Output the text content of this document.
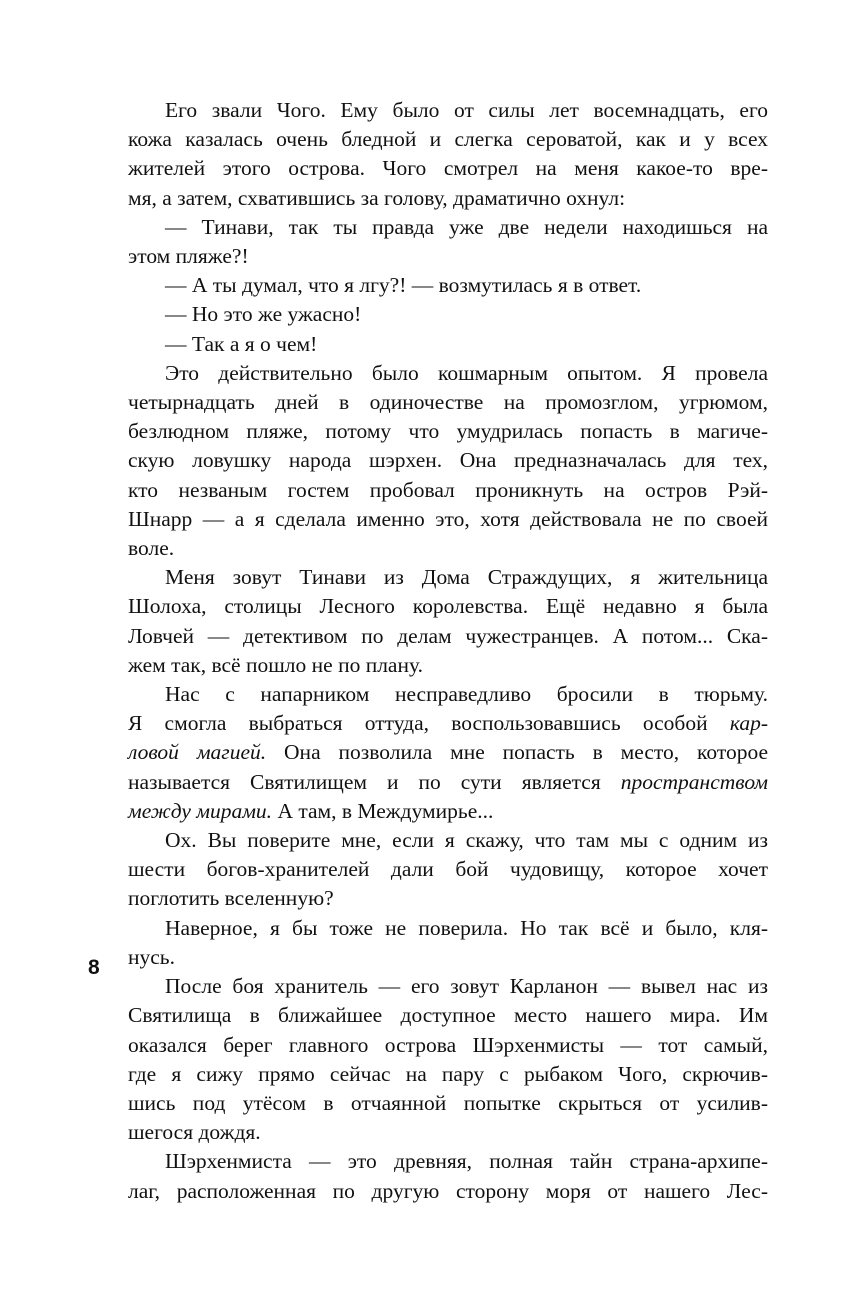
Его звали Чого. Ему было от силы лет восемнадцать, его
кожа казалась очень бледной и слегка сероватой, как и у всех
жителей этого острова. Чого смотрел на меня какое-то вре-
мя, а затем, схватившись за голову, драматично охнул:

— Тинави, так ты правда уже две недели находишься на
этом пляже?!

— А ты думал, что я лгу?! — возмутилась я в ответ.

— Но это же ужасно!

— Так а я о чем!

Это действительно было кошмарным опытом. Я провела
четырнадцать дней в одиночестве на промозглом, угрюмом,
безлюдном пляже, потому что умудрилась попасть в магиче-
скую ловушку народа шэрхен. Она предназначалась для тех,
кто незваным гостем пробовал проникнуть на остров Рэй-
Шнарр — а я сделала именно это, хотя действовала не по своей
воле.

Меня зовут Тинави из Дома Страждущих, я жительница
Шолоха, столицы Лесного королевства. Ещё недавно я была
Ловчей — детективом по делам чужестранцев. А потом... Ска-
жем так, всё пошло не по плану.

Нас с напарником несправедливо бросили в тюрьму.
Я смогла выбраться оттуда, воспользовавшись особой кар-
ловой магией. Она позволила мне попасть в место, которое
называется Святилищем и по сути является пространством
между мирами. А там, в Междумирье...

Ох. Вы поверите мне, если я скажу, что там мы с одним из
шести богов-хранителей дали бой чудовищу, которое хочет
поглотить вселенную?

Наверное, я бы тоже не поверила. Но так всё и было, кля-
нусь.

После боя хранитель — его зовут Карланон — вывел нас из
Святилища в ближайшее доступное место нашего мира. Им
оказался берег главного острова Шэрхенмисты — тот самый,
где я сижу прямо сейчас на пару с рыбаком Чого, скрючив-
шись под утёсом в отчаянной попытке скрыться от усилив-
шегося дождя.

Шэрхенмиста — это древняя, полная тайн страна-архипе-
лаг, расположенная по другую сторону моря от нашего Лес-

8
